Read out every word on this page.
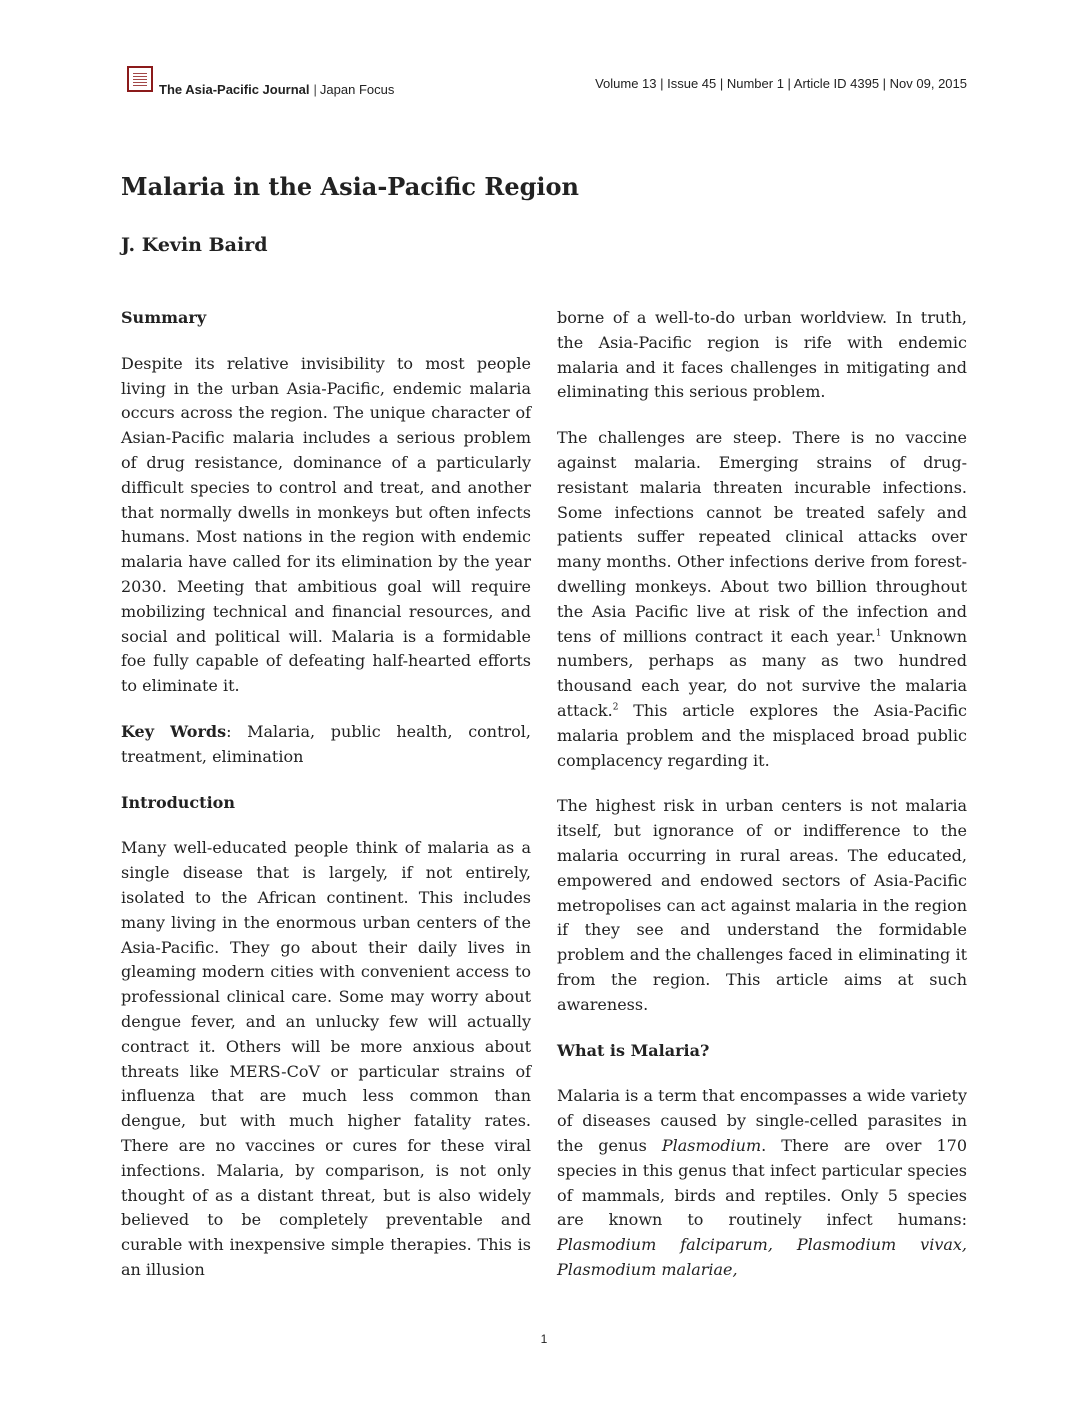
The Asia-Pacific Journal | Japan Focus	Volume 13 | Issue 45 | Number 1 | Article ID 4395 | Nov 09, 2015
Malaria in the Asia-Pacific Region
J. Kevin Baird
Summary

Despite its relative invisibility to most people living in the urban Asia-Pacific, endemic malaria occurs across the region. The unique character of Asian-Pacific malaria includes a serious problem of drug resistance, dominance of a particularly difficult species to control and treat, and another that normally dwells in monkeys but often infects humans. Most nations in the region with endemic malaria have called for its elimination by the year 2030. Meeting that ambitious goal will require mobilizing technical and financial resources, and social and political will. Malaria is a formidable foe fully capable of defeating half-hearted efforts to eliminate it.

Key Words: Malaria, public health, control, treatment, elimination

Introduction

Many well-educated people think of malaria as a single disease that is largely, if not entirely, isolated to the African continent. This includes many living in the enormous urban centers of the Asia-Pacific. They go about their daily lives in gleaming modern cities with convenient access to professional clinical care. Some may worry about dengue fever, and an unlucky few will actually contract it. Others will be more anxious about threats like MERS-CoV or particular strains of influenza that are much less common than dengue, but with much higher fatality rates. There are no vaccines or cures for these viral infections. Malaria, by comparison, is not only thought of as a distant threat, but is also widely believed to be completely preventable and curable with inexpensive simple therapies. This is an illusion

borne of a well-to-do urban worldview. In truth, the Asia-Pacific region is rife with endemic malaria and it faces challenges in mitigating and eliminating this serious problem.

The challenges are steep. There is no vaccine against malaria. Emerging strains of drug-resistant malaria threaten incurable infections. Some infections cannot be treated safely and patients suffer repeated clinical attacks over many months. Other infections derive from forest-dwelling monkeys. About two billion throughout the Asia Pacific live at risk of the infection and tens of millions contract it each year.$^1$ Unknown numbers, perhaps as many as two hundred thousand each year, do not survive the malaria attack.$^2$ This article explores the Asia-Pacific malaria problem and the misplaced broad public complacency regarding it.

The highest risk in urban centers is not malaria itself, but ignorance of or indifference to the malaria occurring in rural areas. The educated, empowered and endowed sectors of Asia-Pacific metropolises can act against malaria in the region if they see and understand the formidable problem and the challenges faced in eliminating it from the region. This article aims at such awareness.

What is Malaria?

Malaria is a term that encompasses a wide variety of diseases caused by single-celled parasites in the genus Plasmodium. There are over 170 species in this genus that infect particular species of mammals, birds and reptiles. Only 5 species are known to routinely infect humans: Plasmodium falciparum, Plasmodium vivax, Plasmodium malariae,

1
